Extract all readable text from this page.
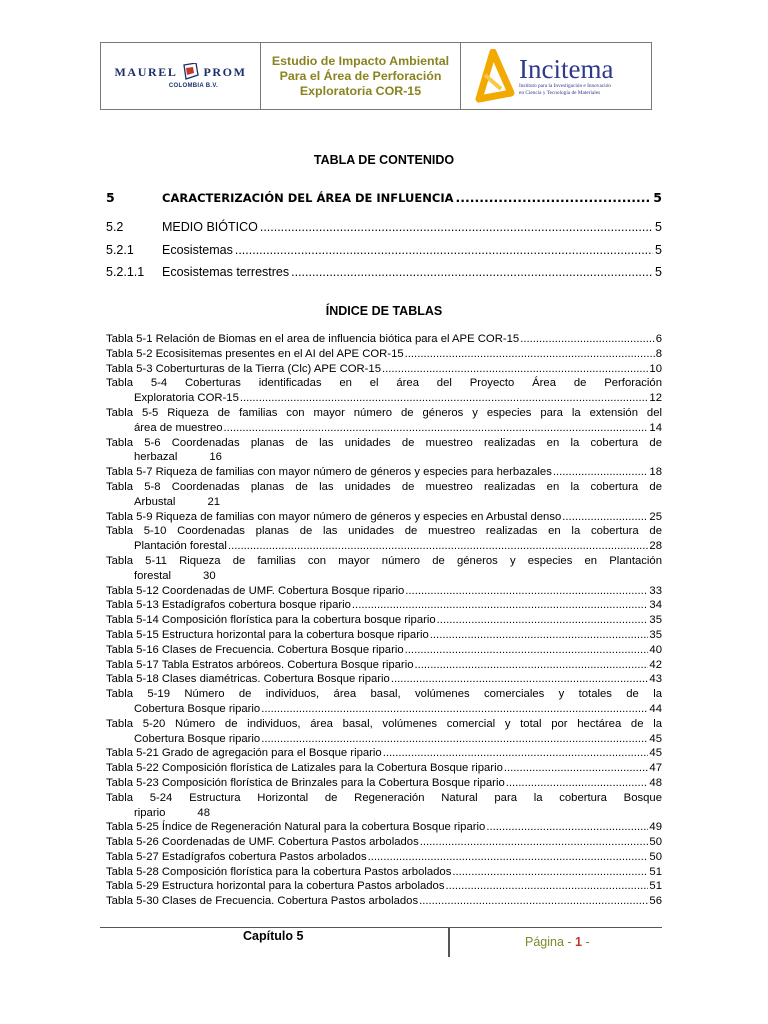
MAUREL PROM
COLOMBIA B.V.
Estudio de Impacto Ambiental
Para el Área de Perforación
Exploratoria COR-15
Incitema
Instituto para la Investigación e Innovación
en Ciencia y Tecnología de Materiales
TABLA DE CONTENIDO
5	CARACTERIZACIÓN DEL ÁREA DE INFLUENCIA .....	5
5.2	MEDIO BIÓTICO .....	5
5.2.1	Ecosistemas .....	5
5.2.1.1	Ecosistemas terrestres .....	5
ÍNDICE DE TABLAS
Tabla 5-1 Relación de Biomas en el area de influencia biótica para el APE COR-15 .....	6
Tabla 5-2 Ecosisitemas presentes en el AI del APE COR-15 .....	8
Tabla 5-3 Coberturturas de la Tierra (Clc) APE COR-15 .....	10
Tabla 5-4 Coberturas identificadas en el área del Proyecto Área de Perforación
Exploratoria COR-15 .....	12
Tabla 5-5 Riqueza de familias con mayor número de géneros y especies para la extensión del
área de muestreo .....	14
Tabla 5-6 Coordenadas planas de las unidades de muestreo realizadas en la cobertura de
herbazal	16
Tabla 5-7 Riqueza de familias con mayor número de géneros y especies para herbazales .....	18
Tabla 5-8 Coordenadas planas de las unidades de muestreo realizadas en la cobertura de
Arbustal	21
Tabla 5-9 Riqueza de familias con mayor número de géneros y especies en Arbustal denso .....	25
Tabla 5-10 Coordenadas planas de las unidades de muestreo realizadas en la cobertura de
Plantación forestal .....	28
Tabla 5-11 Riqueza de familias con mayor número de géneros y especies en Plantación
forestal	30
Tabla 5-12 Coordenadas de UMF. Cobertura Bosque ripario .....	33
Tabla 5-13 Estadígrafos cobertura bosque ripario .....	34
Tabla 5-14 Composición florística para la cobertura bosque ripario .....	35
Tabla 5-15 Estructura horizontal para la cobertura bosque ripario .....	35
Tabla 5-16 Clases de Frecuencia. Cobertura Bosque ripario .....	40
Tabla 5-17 Tabla Estratos arbóreos. Cobertura Bosque ripario .....	42
Tabla 5-18 Clases diamétricas. Cobertura Bosque ripario .....	43
Tabla 5-19 Número de individuos, área basal, volúmenes comerciales y totales de la
Cobertura Bosque ripario .....	44
Tabla 5-20 Número de individuos, área basal, volúmenes comercial y total por hectárea de la
Cobertura Bosque ripario .....	45
Tabla 5-21 Grado de agregación para el Bosque ripario .....	45
Tabla 5-22 Composición florística de Latizales para la Cobertura Bosque ripario .....	47
Tabla 5-23 Composición florística de Brinzales para la Cobertura Bosque ripario .....	48
Tabla 5-24 Estructura Horizontal de Regeneración Natural para la cobertura Bosque
ripario	48
Tabla 5-25 Índice de Regeneración Natural para la cobertura Bosque ripario .....	49
Tabla 5-26 Coordenadas de UMF. Cobertura Pastos arbolados .....	50
Tabla 5-27 Estadígrafos cobertura Pastos arbolados .....	50
Tabla 5-28 Composición florística para la cobertura Pastos arbolados .....	51
Tabla 5-29 Estructura horizontal para la cobertura Pastos arbolados .....	51
Tabla 5-30 Clases de Frecuencia. Cobertura Pastos arbolados .....	56
Capítulo 5	Página - 1 -
